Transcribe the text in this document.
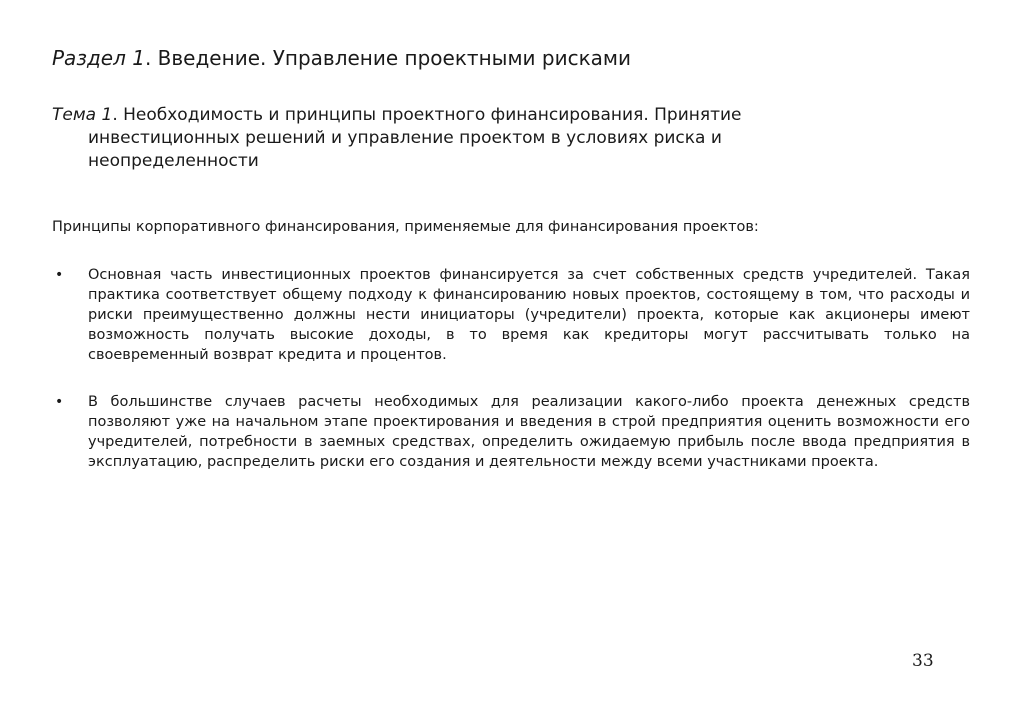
Раздел 1. Введение. Управление проектными рисками
Тема 1. Необходимость и принципы проектного финансирования. Принятие
инвестиционных решений и управление проектом в условиях риска и
неопределенности

Принципы корпоративного финансирования, применяемые для финансирования проектов:

• Основная часть инвестиционных проектов финансируется за счет собственных средств учредителей. Такая практика соответствует общему подходу к финансированию новых проектов, состоящему в том, что расходы и риски преимущественно должны нести инициаторы (учредители) проекта, которые как акционеры имеют возможность получать высокие доходы, в то время как кредиторы могут рассчитывать только на своевременный возврат кредита и процентов.
• В большинстве случаев расчеты необходимых для реализации какого-либо проекта денежных средств позволяют уже на начальном этапе проектирования и введения в строй предприятия оценить возможности его учредителей, потребности в заемных средствах, определить ожидаемую прибыль после ввода предприятия в эксплуатацию, распределить риски его создания и деятельности между всеми участниками проекта.
33
